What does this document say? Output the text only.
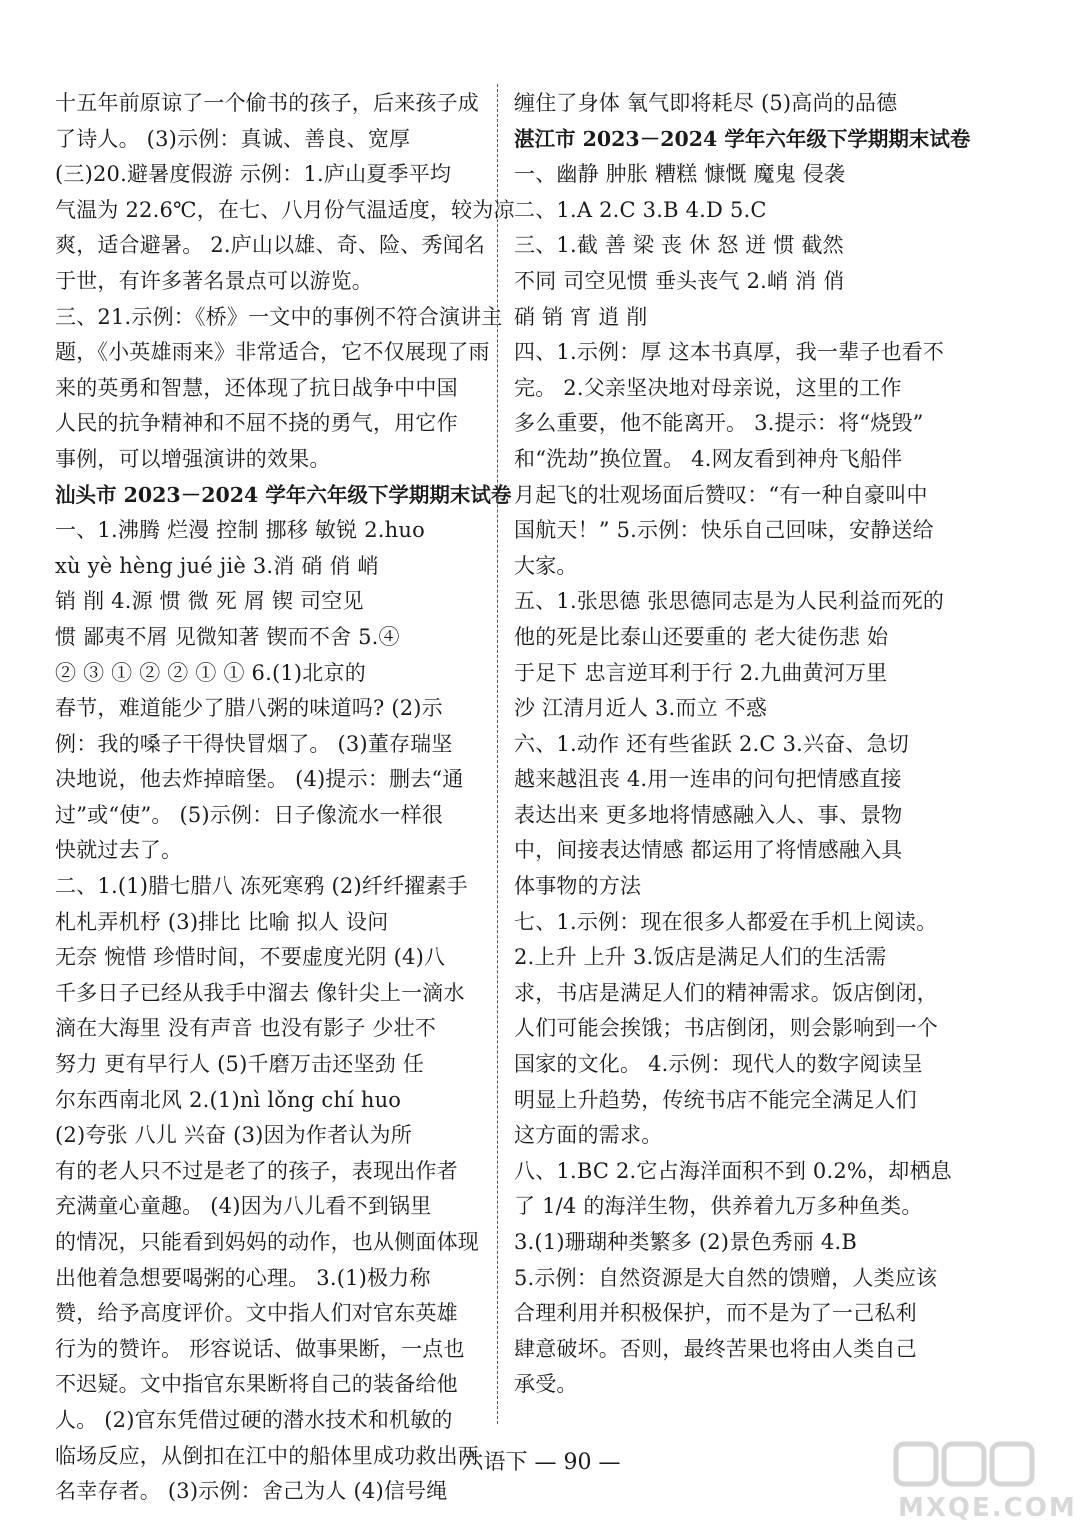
十五年前原谅了一个偷书的孩子，后来孩子成
了诗人。 (3)示例：真诚、善良、宽厚
(三)20.避暑度假游 示例：1.庐山夏季平均
气温为 22.6℃，在七、八月份气温适度，较为凉
爽，适合避暑。 2.庐山以雄、奇、险、秀闻名
于世，有许多著名景点可以游览。
三、21.示例：《桥》一文中的事例不符合演讲主
题，《小英雄雨来》非常适合，它不仅展现了雨
来的英勇和智慧，还体现了抗日战争中中国
人民的抗争精神和不屈不挠的勇气，用它作
事例，可以增强演讲的效果。
汕头市 2023－2024 学年六年级下学期期末试卷
一、1.沸腾 烂漫 控制 挪移 敏锐 2.huo
xù yè hèng jué jiè 3.消 硝 俏 峭
销 削 4.源 惯 微 死 屑 锲 司空见
惯 鄙夷不屑 见微知著 锲而不舍 5.④
② ③ ① ② ② ① ① 6.(1)北京的
春节，难道能少了腊八粥的味道吗? (2)示
例：我的嗓子干得快冒烟了。 (3)董存瑞坚
决地说，他去炸掉暗堡。 (4)提示：删去“通
过”或“使”。 (5)示例：日子像流水一样很
快就过去了。
二、1.(1)腊七腊八 冻死寒鸦 (2)纤纤擢素手
札札弄机杼 (3)排比 比喻 拟人 设问
无奈 惋惜 珍惜时间，不要虚度光阴 (4)八
千多日子已经从我手中溜去 像针尖上一滴水
滴在大海里 没有声音 也没有影子 少壮不
努力 更有早行人 (5)千磨万击还坚劲 任
尔东西南北风 2.(1)nì lǒng chí huo
(2)夸张 八儿 兴奋 (3)因为作者认为所
有的老人只不过是老了的孩子，表现出作者
充满童心童趣。 (4)因为八儿看不到锅里
的情况，只能看到妈妈的动作，也从侧面体现
出他着急想要喝粥的心理。 3.(1)极力称
赞，给予高度评价。文中指人们对官东英雄
行为的赞许。 形容说话、做事果断，一点也
不迟疑。文中指官东果断将自己的装备给他
人。 (2)官东凭借过硬的潜水技术和机敏的
临场反应，从倒扣在江中的船体里成功救出两
名幸存者。 (3)示例：舍己为人 (4)信号绳
缠住了身体 氧气即将耗尽 (5)高尚的品德
湛江市 2023－2024 学年六年级下学期期末试卷
一、幽静 肿胀 糟糕 慷慨 魔鬼 侵袭
二、1.A 2.C 3.B 4.D 5.C
三、1.截 善 梁 丧 休 怒 迸 惯 截然
不同 司空见惯 垂头丧气 2.峭 消 俏
硝 销 宵 逍 削
四、1.示例：厚 这本书真厚，我一辈子也看不
完。 2.父亲坚决地对母亲说，这里的工作
多么重要，他不能离开。 3.提示：将“烧毁”
和“洗劫”换位置。 4.网友看到神舟飞船伴
月起飞的壮观场面后赞叹：“有一种自豪叫中
国航天！” 5.示例：快乐自己回味，安静送给
大家。
五、1.张思德 张思德同志是为人民利益而死的
他的死是比泰山还要重的 老大徒伤悲 始
于足下 忠言逆耳利于行 2.九曲黄河万里
沙 江清月近人 3.而立 不惑
六、1.动作 还有些雀跃 2.C 3.兴奋、急切
越来越沮丧 4.用一连串的问句把情感直接
表达出来 更多地将情感融入人、事、景物
中，间接表达情感 都运用了将情感融入具
体事物的方法
七、1.示例：现在很多人都爱在手机上阅读。
2.上升 上升 3.饭店是满足人们的生活需
求，书店是满足人们的精神需求。饭店倒闭，
人们可能会挨饿；书店倒闭，则会影响到一个
国家的文化。 4.示例：现代人的数字阅读呈
明显上升趋势，传统书店不能完全满足人们
这方面的需求。
八、1.BC 2.它占海洋面积不到 0.2%，却栖息
了 1/4 的海洋生物，供养着九万多种鱼类。
3.(1)珊瑚种类繁多 (2)景色秀丽 4.B
5.示例：自然资源是大自然的馈赠，人类应该
合理利用并积极保护，而不是为了一己私利
肆意破坏。否则，最终苦果也将由人类自己
承受。
六语下 — 90 —
MXQE.COM
